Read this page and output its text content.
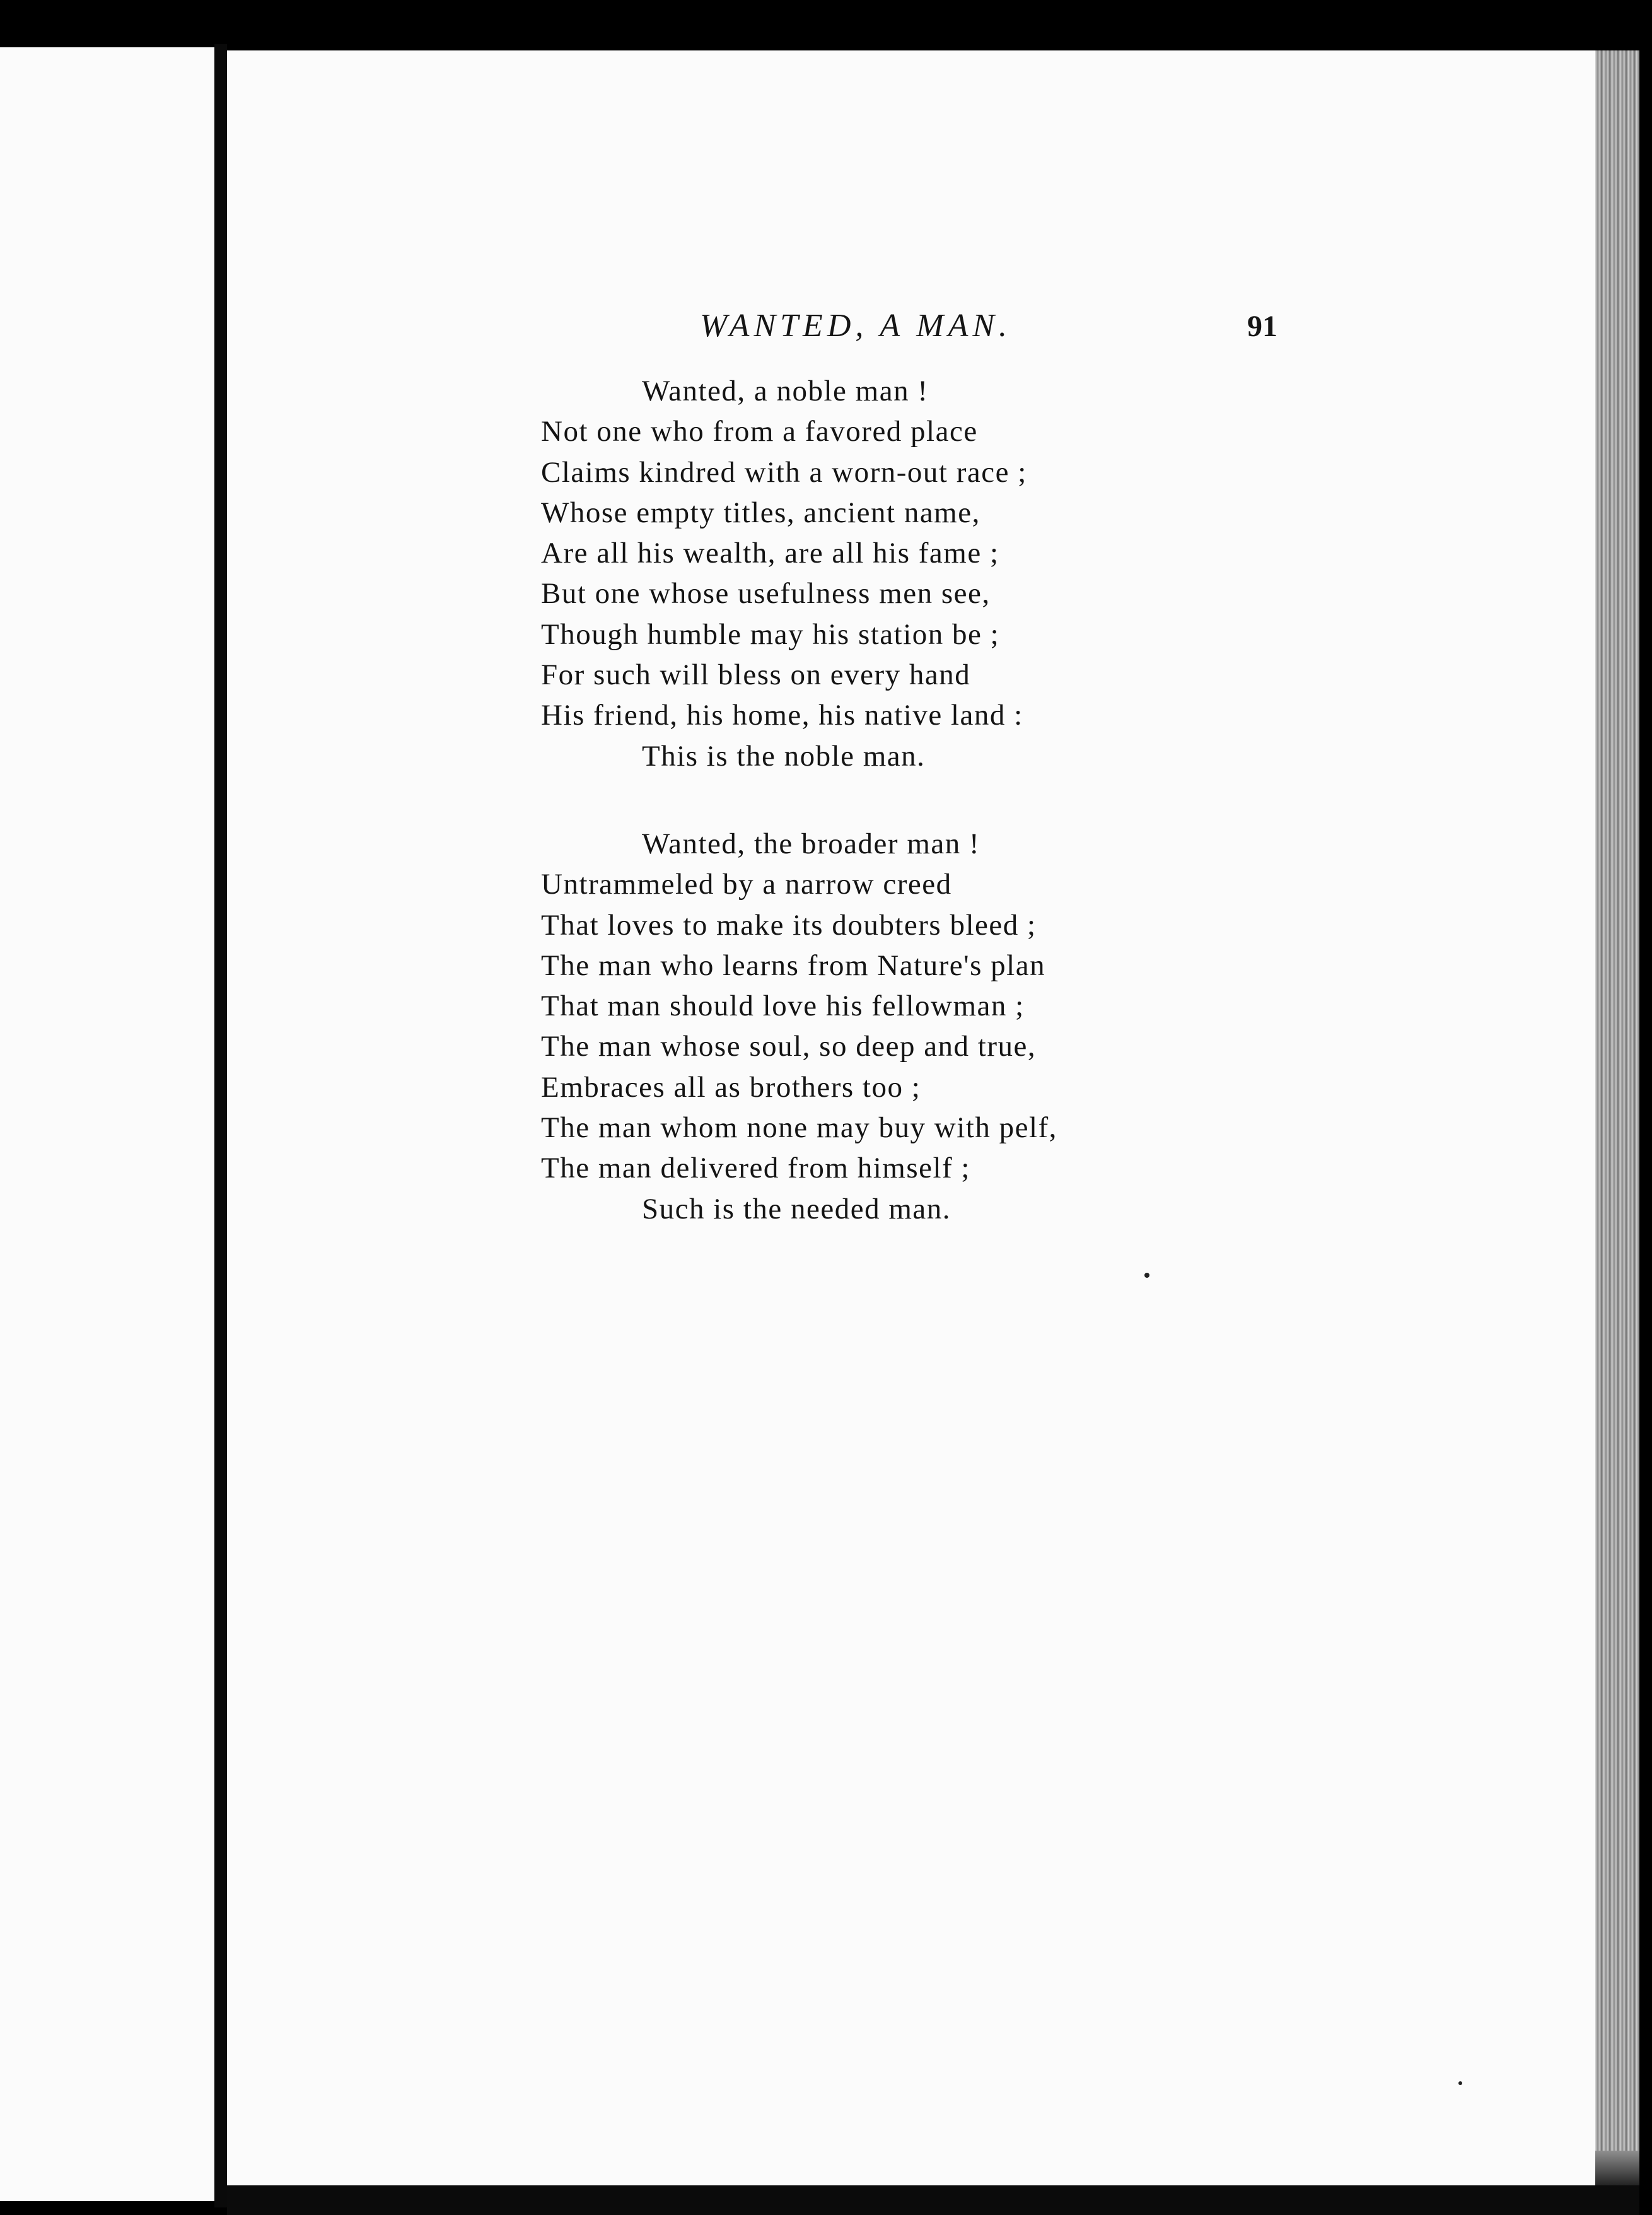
WANTED, A MAN.	91
Wanted, a noble man !
Not one who from a favored place
Claims kindred with a worn-out race ;
Whose empty titles, ancient name,
Are all his wealth, are all his fame ;
But one whose usefulness men see,
Though humble may his station be ;
For such will bless on every hand
His friend, his home, his native land :
This is the noble man.
Wanted, the broader man !
Untrammeled by a narrow creed
That loves to make its doubters bleed ;
The man who learns from Nature's plan
That man should love his fellowman ;
The man whose soul, so deep and true,
Embraces all as brothers too ;
The man whom none may buy with pelf,
The man delivered from himself ;
Such is the needed man.
